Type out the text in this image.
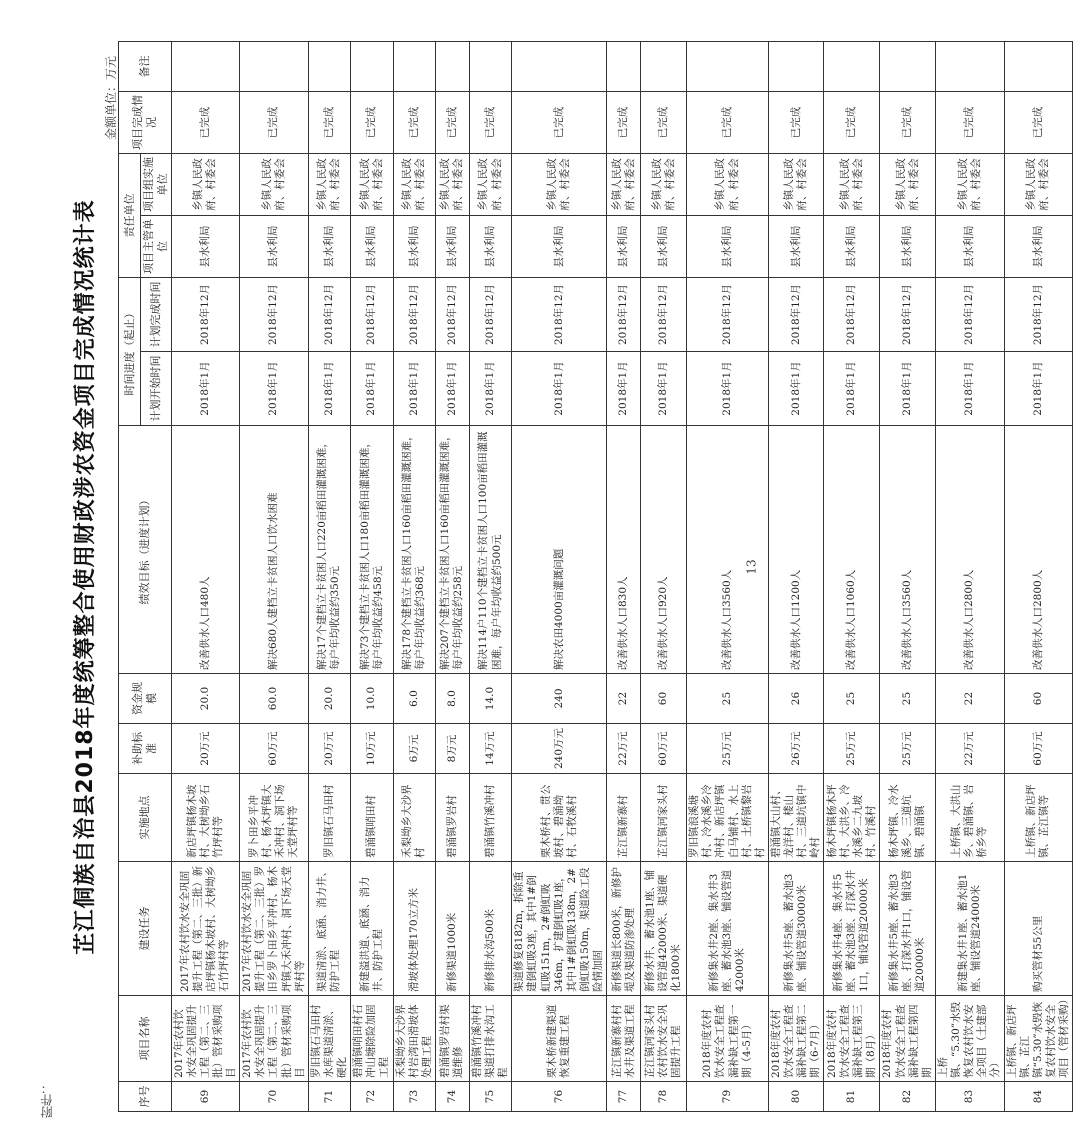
附件：
13
芷江侗族自治县2018年度统筹整合使用财政涉农资金项目完成情况统计表
金额单位：万元
序号	项目名称	建设任务	实施地点	补助标准	资金规模	绩效目标（进度计划）	时间进度（起止）		责任单位		项目完成情况	备注
							计划开始时间	计划完成时间	项目主管单位	项目组实施单位		
69	2017年农村饮水安全巩固提升工程（第二、三批）管材采购项目	2017年农村饮水安全巩固提升工程（第二、三批）新店坪镇杨木坡村、大树坳乡石竹坪村等	新店坪镇杨木坡村、大树坳乡石竹坪村等	20万元	20.0	改善供水人口480人	2018年1月	2018年12月	县水利局	乡镇人民政府、村委会	已完成	
70	2017年农村饮水安全巩固提升工程（第二、三批）管材采购项目	2017年农村饮水安全巩固提升工程（第二、三批）罗旧乡罗卜田乡平冲村、杨木坪镇大禾冲村、洞下场天堂坪村等	罗卜田乡平冲村、杨木坪镇大禾冲村、洞下场天堂坪村等	60万元	60.0	解决680人建档立卡贫困人口饮水困难	2018年1月	2018年12月	县水利局	乡镇人民政府、村委会	已完成	
71	罗旧镇石马田村水库渠道清淤、硬化	渠道清淤、底涵、消力井、防护工程	罗旧镇石马田村	20万元	20.0	解决17个建档立卡贫困人口220亩稻田灌溉困难，每户年均收益约350元	2018年1月	2018年12月	县水利局	乡镇人民政府、村委会	已完成	
72	碧涌镇哨田村石冲山塘除险加固工程	新建溢洪道、底涵、消力井、防护工程	碧涌镇哨田村	10万元	10.0	解决73个建档立卡贫困人口180亩稻田灌溉困难，每户年均收益约458元	2018年1月	2018年12月	县水利局	乡镇人民政府、村委会	已完成	
73	禾梨坳乡大沙界村岩湾田滑坡体处理工程	滑坡体处理170立方米	禾梨坳乡大沙界村	6万元	6.0	解决178个建档立卡贫困人口160亩稻田灌溉困难，每户年均收益约368元	2018年1月	2018年12月	县水利局	乡镇人民政府、村委会	已完成	
74	碧涌镇罗岩村渠道维修	新修渠道1000米	碧涌镇罗岩村	8万元	8.0	解决207个建档立卡贫困人口160亩稻田灌溉困难，每户年均收益约258元	2018年1月	2018年12月	县水利局	乡镇人民政府、村委会	已完成	
75	碧涌镇竹溪冲村渠道打排水沟工程	新修排水沟500米	碧涌镇竹溪冲村	14万元	14.0	解决114户110个建档立卡贫困人口100亩稻田灌溉困难，每户年均收益约500元	2018年1月	2018年12月	县水利局	乡镇人民政府、村委会	已完成	
76	栗木桥新建渠道恢复重建工程	渠道修复8182m，拆除重建倒虹吸3座，其中1#倒虹吸151m，2#倒虹吸346m，扩建倒虹吸1座，其中1#倒虹吸138m，2#倒虹吸150m，渠道险工段险情加固	栗木桥村、贯公坡村、碧涌坳村、石牧溪村	240万元	240	解决农田4000亩灌溉问题	2018年1月	2018年12月	县水利局	乡镇人民政府、村委会	已完成	
77	芷江镇新寨村村水井及渠道工程	新修渠道长800米，新修护堤及渠道防渗处理	芷江镇新寨村	22万元	22	改善供水人口830人	2018年1月	2018年12月	县水利局	乡镇人民政府、村委会	已完成	
78	芷江镇河家头村农村饮水安全巩固提升工程	新修水井、蓄水池1座、铺设管道42000米、渠道硬化1800米	芷江镇河家头村	60万元	60	改善供水人口920人	2018年1月	2018年12月	县水利局	乡镇人民政府、村委会	已完成	
79	2018年度农村饮水安全工程查漏补缺工程第一期（4-5月）	新修集水井2座、集水井3座、蓄水池3座、铺设管道42000米	罗旧镇浪溪塘村、冷水溪乡冷冲村、新店坪镇白马铺村、水上村、土桥镇黎岩村	25万元	25	改善供水人口3560人	2018年1月	2018年12月	县水利局	乡镇人民政府、村委会	已完成	
80	2018年度农村饮水安全工程查漏补缺工程第二期（6-7月）	新修集水井5座、蓄水池3座、铺设管道30000米	碧涌镇大山村、龙洋村、楼山村、三道坑镇中岭村	26万元	26	改善供水人口1200人	2018年1月	2018年12月	县水利局	乡镇人民政府、村委会	已完成	
81	2018年度农村饮水安全工程查漏补缺工程第三期（8月）	新修集水井4座、集水井5座、蓄水池3座、打深水井1口，铺设管道20000米	杨木坪镇杨木坪村、大洪乡、冷水溪乡二九坡村、竹溪村	25万元	25	改善供水人口1060人	2018年1月	2018年12月	县水利局	乡镇人民政府、村委会	已完成	
82	2018年度农村饮水安全工程查漏补缺工程第四期	新修集水井5座、蓄水池3座、打深水井1口，铺设管道20000米	杨木坪镇、冷水溪乡、三道坑镇、碧涌镇	25万元	25	改善供水人口3560人	2018年1月	2018年12月	县水利局	乡镇人民政府、村委会	已完成	
83	上桥镇、“5.30”水毁恢复农村饮水安全项目（土建部分）	新建集水井1座、蓄水池1座、铺设管道24000米	上桥镇、大洪山乡、碧涌镇、岩桥乡等	22万元	22	改善供水人口2800人	2018年1月	2018年12月	县水利局	乡镇人民政府、村委会	已完成	
84	上桥镇、新店坪镇、芷江镇“5.30”水毁恢复农村饮水安全项目（管材采购）	购买管材55公里	上桥镇、新店坪镇、芷江镇等	60万元	60	改善供水人口2800人	2018年1月	2018年12月	县水利局	乡镇人民政府、村委会	已完成	
